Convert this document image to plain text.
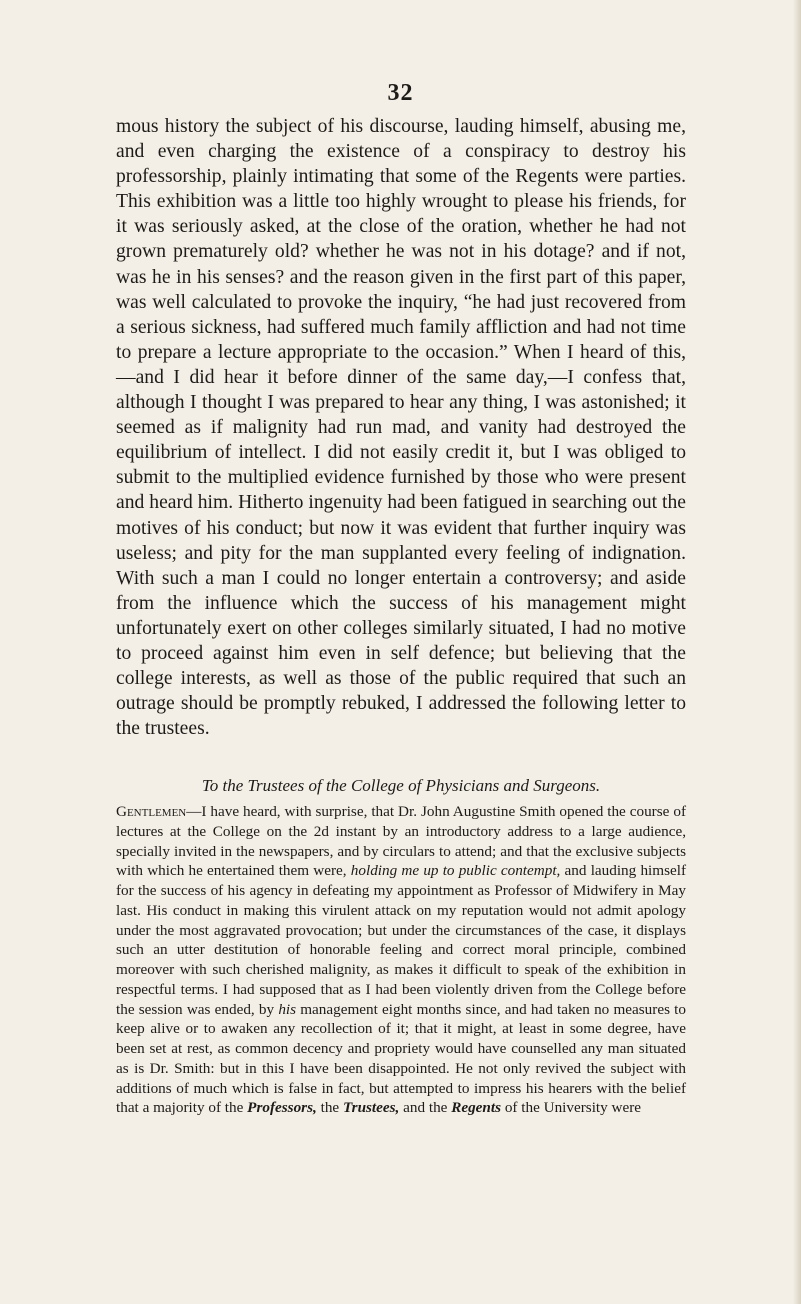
32

mous history the subject of his discourse, lauding himself, abusing me, and even charging the existence of a conspiracy to destroy his professorship, plainly intimating that some of the Regents were parties. This exhibition was a little too highly wrought to please his friends, for it was seriously asked, at the close of the oration, whether he had not grown prematurely old? whether he was not in his dotage? and if not, was he in his senses? and the reason given in the first part of this paper, was well calculated to provoke the inquiry, “he had just recovered from a serious sickness, had suffered much family affliction and had not time to prepare a lecture appropriate to the occasion.” When I heard of this,—and I did hear it before dinner of the same day,—I confess that, although I thought I was prepared to hear any thing, I was astonished; it seemed as if malignity had run mad, and vanity had destroyed the equilibrium of intellect. I did not easily credit it, but I was obliged to submit to the multiplied evidence furnished by those who were present and heard him. Hitherto ingenuity had been fatigued in searching out the motives of his conduct; but now it was evident that further inquiry was useless; and pity for the man supplanted every feeling of indignation. With such a man I could no longer entertain a controversy; and aside from the influence which the success of his management might unfortunately exert on other colleges similarly situated, I had no motive to proceed against him even in self defence; but believing that the college interests, as well as those of the public required that such an outrage should be promptly rebuked, I addressed the following letter to the trustees.

To the Trustees of the College of Physicians and Surgeons.

Gentlemen—I have heard, with surprise, that Dr. John Augustine Smith opened the course of lectures at the College on the 2d instant by an introductory address to a large audience, specially invited in the newspapers, and by circulars to attend; and that the exclusive subjects with which he entertained them were, holding me up to public contempt, and lauding himself for the success of his agency in defeating my appointment as Professor of Midwifery in May last. His conduct in making this virulent attack on my reputation would not admit apology under the most aggravated provocation; but under the circumstances of the case, it displays such an utter destitution of honorable feeling and correct moral principle, combined moreover with such cherished malignity, as makes it difficult to speak of the exhibition in respectful terms. I had supposed that as I had been violently driven from the College before the session was ended, by his management eight months since, and had taken no measures to keep alive or to awaken any recollection of it; that it might, at least in some degree, have been set at rest, as common decency and propriety would have counselled any man situated as is Dr. Smith: but in this I have been disappointed. He not only revived the subject with additions of much which is false in fact, but attempted to impress his hearers with the belief that a majority of the Professors, the Trustees, and the Regents of the University were
